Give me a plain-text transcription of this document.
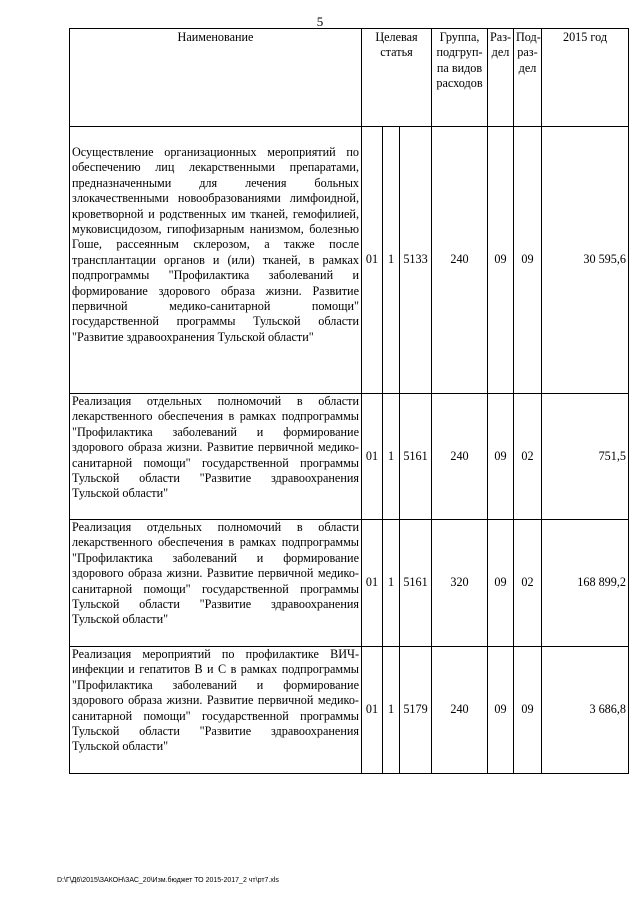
5
Наименование	Целевая статья			Группа, подгруп-па видов расходов	Раз-дел	Под-раз-дел	2015 год
Осуществление организационных мероприятий по обеспечению лиц лекарственными препаратами, предназначенными для лечения больных злокачественными новообразованиями лимфоидной, кроветворной и родственных им тканей, гемофилией, муковисцидозом, гипофизарным нанизмом, болезнью Гоше, рассеянным склерозом, а также после трансплантации органов и (или) тканей, в рамках подпрограммы "Профилактика заболеваний и формирование здорового образа жизни. Развитие первичной медико-санитарной помощи" государственной программы Тульской области "Развитие здравоохранения Тульской области"	01	1	5133	240	09	09	30 595,6
Реализация отдельных полномочий в области лекарственного обеспечения в рамках подпрограммы "Профилактика заболеваний и формирование здорового образа жизни. Развитие первичной медико-санитарной помощи" государственной программы Тульской области "Развитие здравоохранения Тульской области"	01	1	5161	240	09	02	751,5
Реализация отдельных полномочий в области лекарственного обеспечения в рамках подпрограммы "Профилактика заболеваний и формирование здорового образа жизни. Развитие первичной медико-санитарной помощи" государственной программы Тульской области "Развитие здравоохранения Тульской области"	01	1	5161	320	09	02	168 899,2
Реализация мероприятий по профилактике ВИЧ-инфекции и гепатитов В и С в рамках подпрограммы "Профилактика заболеваний и формирование здорового образа жизни. Развитие первичной медико-санитарной помощи" государственной программы Тульской области "Развитие здравоохранения Тульской области"	01	1	5179	240	09	09	3 686,8
D:\Г\Д6\2015\ЗАКОН\ЗАС_20\Изм.бюджет ТО 2015-2017_2 чт\рт7.xls
